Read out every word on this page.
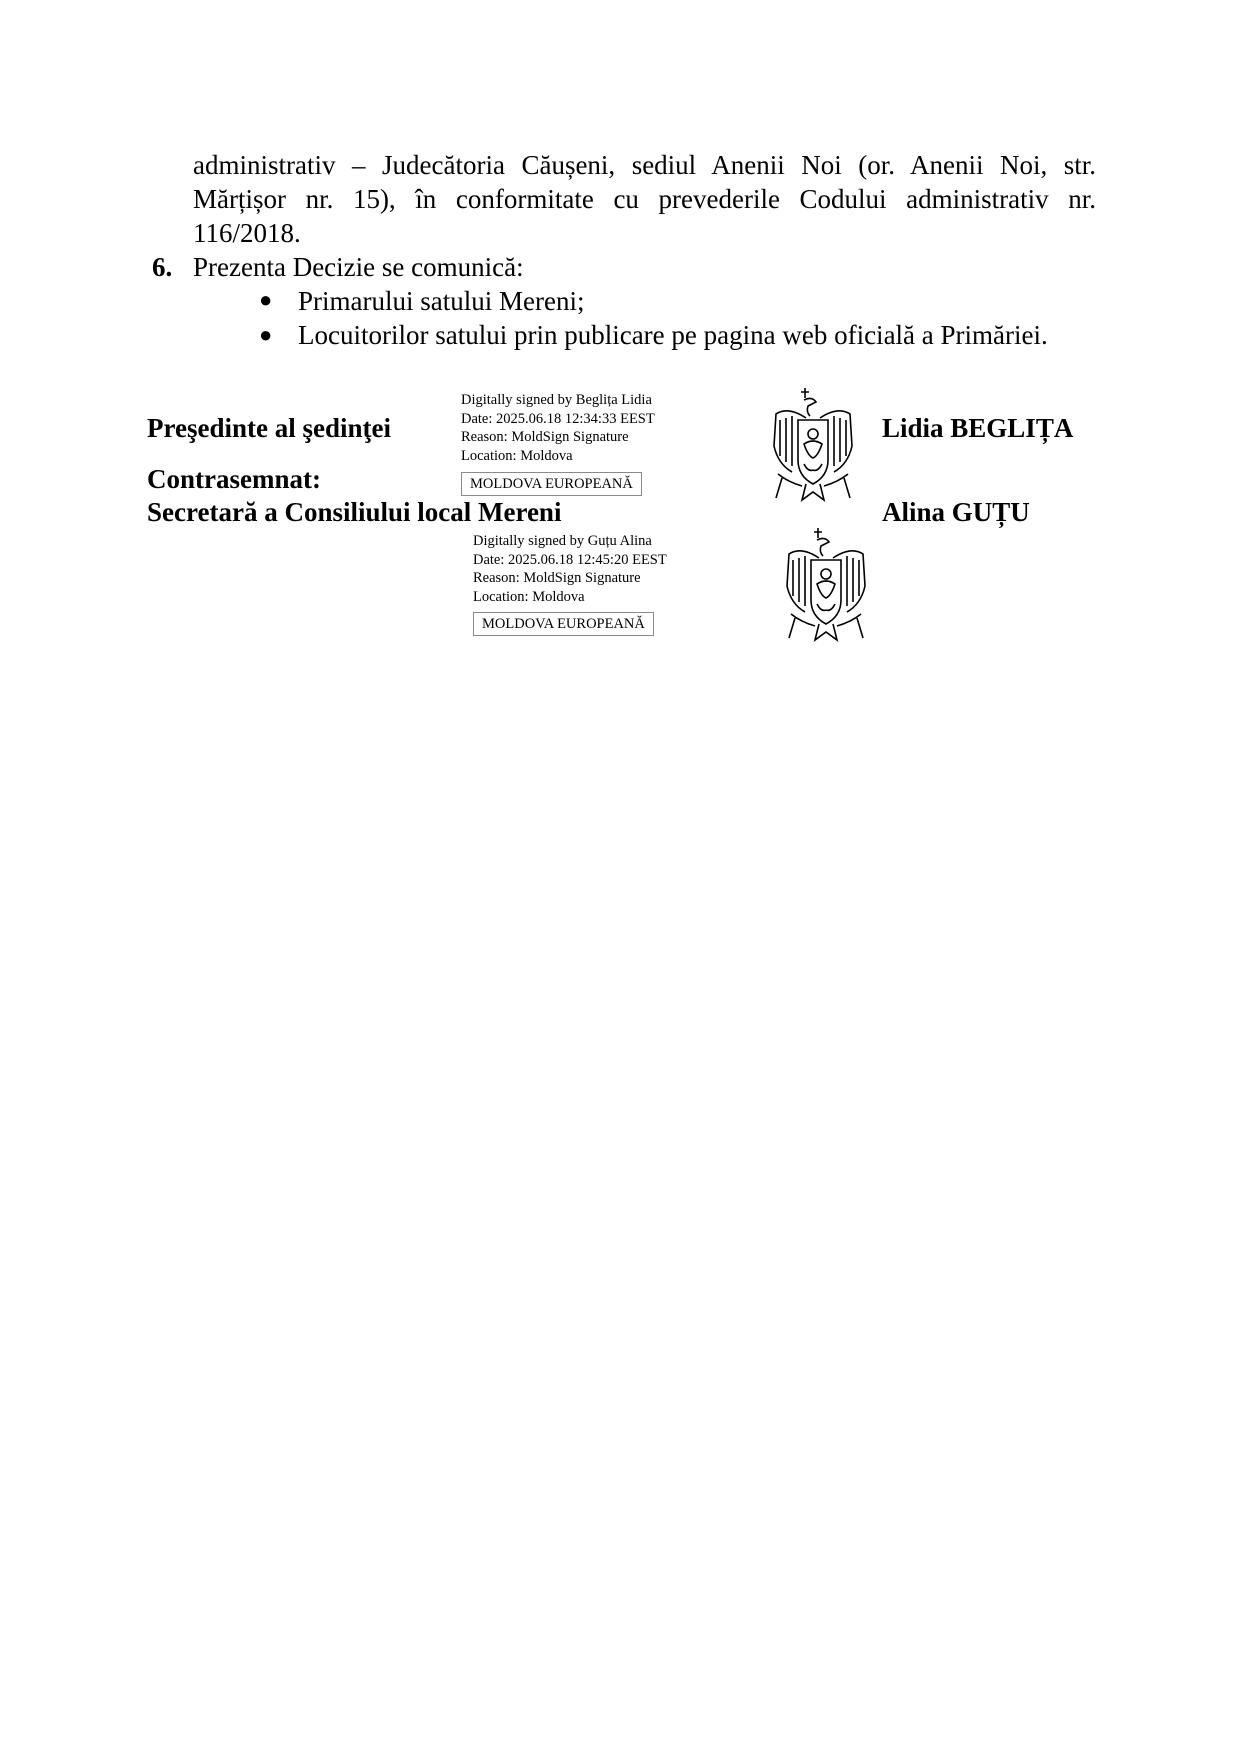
administrativ – Judecătoria Căușeni, sediul Anenii Noi (or. Anenii Noi, str.
Mărțișor nr. 15), în conformitate cu prevederile Codului administrativ nr.
116/2018.
6. Prezenta Decizie se comunică:
● Primarului satului Mereni;
● Locuitorilor satului prin publicare pe pagina web oficială a Primăriei.
Preşedinte al şedinţei
Digitally signed by Beglița Lidia
Date: 2025.06.18 12:34:33 EEST
Reason: MoldSign Signature
Location: Moldova
MOLDOVA EUROPEANĂ
Lidia BEGLIȚA
Contrasemnat:
Secretară a Consiliului local Mereni	Alina GUȚU
Digitally signed by Guțu Alina
Date: 2025.06.18 12:45:20 EEST
Reason: MoldSign Signature
Location: Moldova
MOLDOVA EUROPEANĂ
